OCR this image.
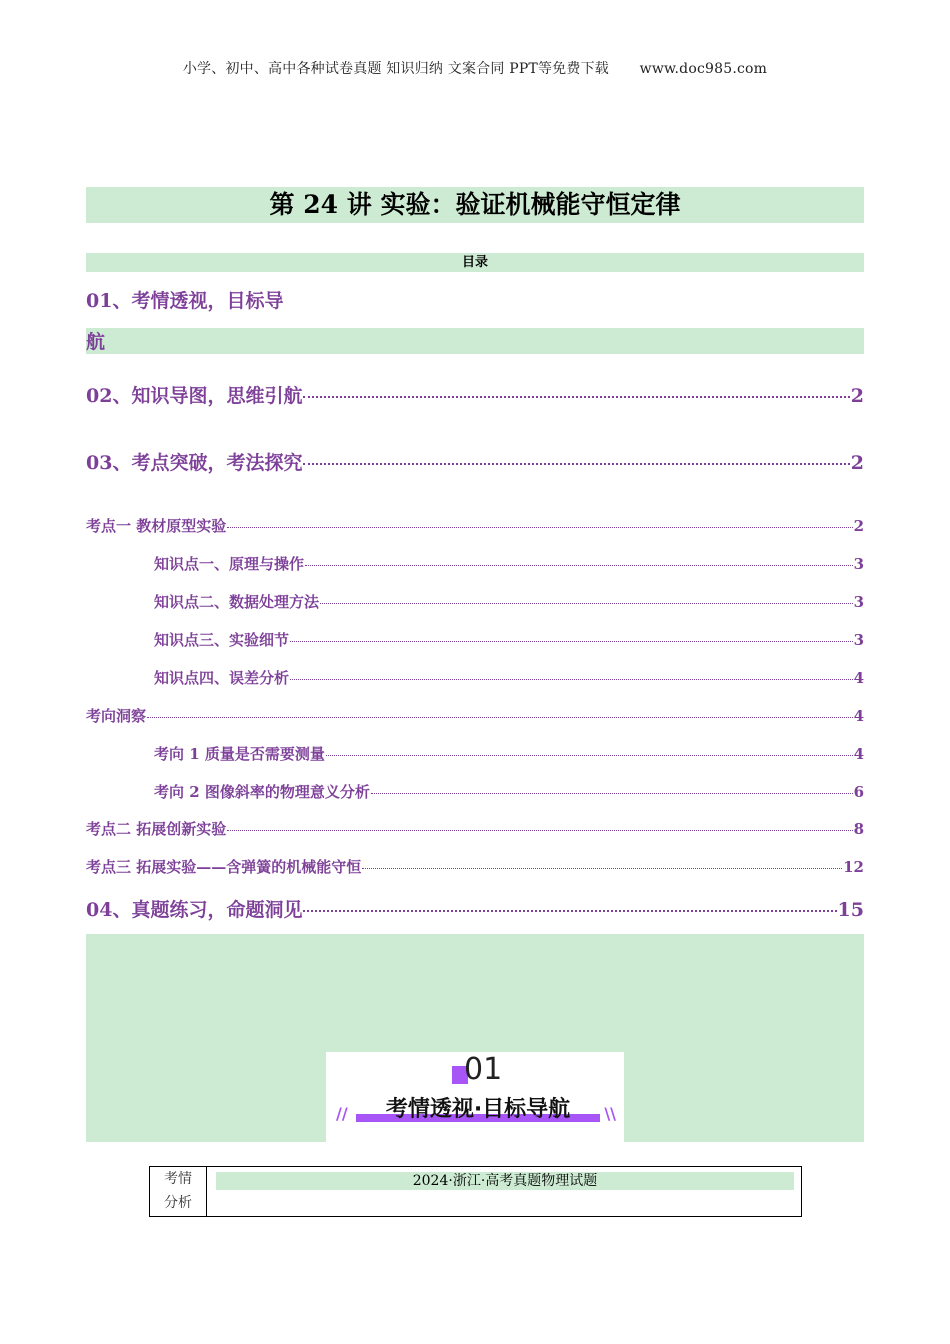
小学、初中、高中各种试卷真题 知识归纳 文案合同 PPT等免费下载 www.doc985.com
第 24 讲 实验：验证机械能守恒定律
目录
01、考情透视，目标导
航
02、知识导图，思维引航	2
03、考点突破，考法探究	2
考点一 教材原型实验	2
知识点一、原理与操作	3
知识点二、数据处理方法	3
知识点三、实验细节	3
知识点四、误差分析	4
考向洞察	4
考向 1 质量是否需要测量	4
考向 2 图像斜率的物理意义分析	6
考点二 拓展创新实验	8
考点三 拓展实验——含弹簧的机械能守恒	12
04、真题练习，命题洞见	15
01
考情透视·目标导航
//	\\
考情
分析
2024·浙江·高考真题物理试题
